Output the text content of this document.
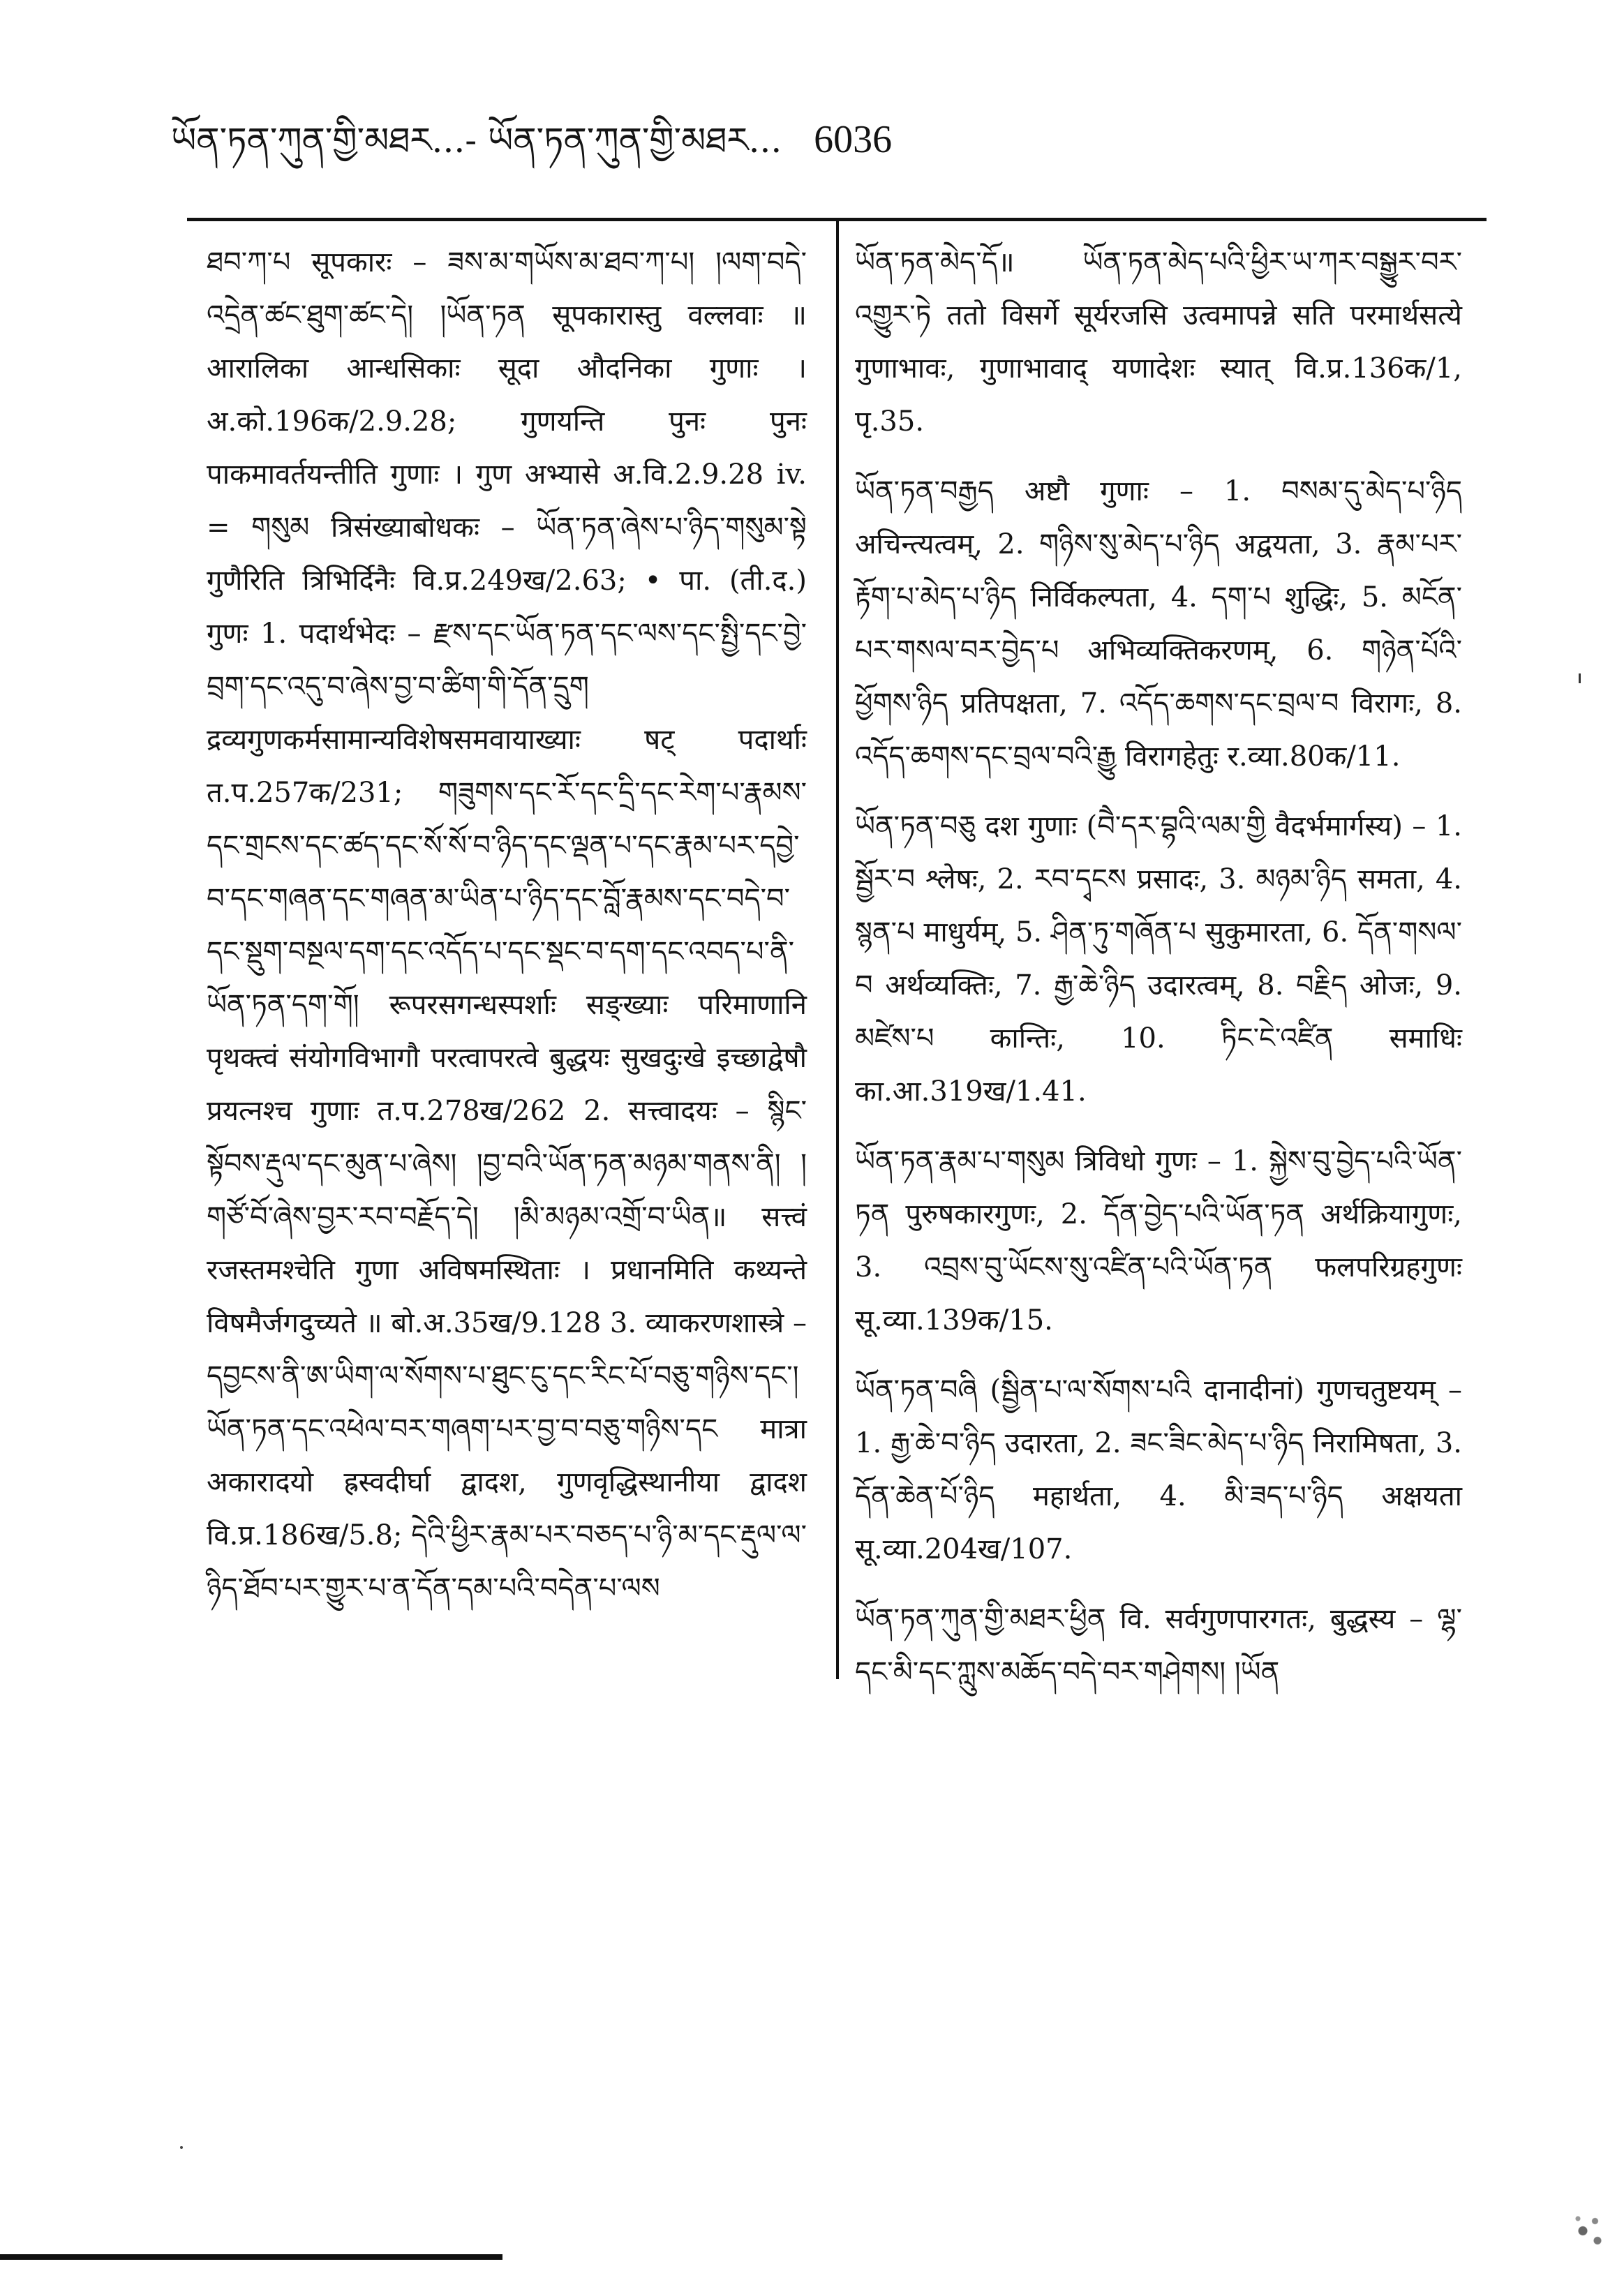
ཡོན་ཏན་ཀུན་གྱི་མཐར...- ཡོན་ཏན་ཀུན་གྱི་མཐར... 6036

ཐབ་ཀ་པ सूपकारः – ཟས་མ་གཡོས་མ་ཐབ་ཀ་པ། །ལག་བདེ་འདྲེན་ཚང་ཐུག་ཚང་དེ། །ཡོན་ཏན सूपकारास्तु वल्लवाः ॥ आरालिका आन्धसिकाः सूदा औदनिका गुणाः । अ.को.196क/2.9.28; गुणयन्ति पुनः पुनः पाकमावर्तयन्तीति गुणाः । गुण अभ्यासे अ.वि.2.9.28 iv. = གསུམ त्रिसंख्याबोधकः – ཡོན་ཏན་ཞེས་པ་ཉིད་གསུམ་སྟེ गुणैरिति त्रिभिर्दिनैः वि.प्र.249ख/2.63; • पा. (ती.द.) गुणः 1. पदार्थभेदः – རྫས་དང་ཡོན་ཏན་དང་ལས་དང་སྤྱི་དང་བྱེ་བྲག་དང་འདུ་བ་ཞེས་བྱ་བ་ཚིག་གི་དོན་དྲུག द्रव्यगुणकर्मसामान्यविशेषसमवायाख्याः षट् पदार्थाः त.प.257क/231; གཟུགས་དང་རོ་དང་དྲི་དང་རེག་པ་རྣམས་དང་གྲངས་དང་ཚད་དང་སོ་སོ་བ་ཉིད་དང་ལྡན་པ་དང་རྣམ་པར་དབྱེ་བ་དང་གཞན་དང་གཞན་མ་ཡིན་པ་ཉིད་དང་བློ་རྣམས་དང་བདེ་བ་དང་སྡུག་བསྔལ་དག་དང་འདོད་པ་དང་སྡང་བ་དག་དང་འབད་པ་ནི་ཡོན་ཏན་དག་གོ། रूपरसगन्धस्पर्शाः सङ्ख्याः परिमाणानि पृथक्त्वं संयोगविभागौ परत्वापरत्वे बुद्धयः सुखदुःखे इच्छाद्वेषौ प्रयत्नश्च गुणाः त.प.278ख/262 2. सत्त्वादयः – སྙིང་སྟོབས་རྡུལ་དང་མུན་པ་ཞེས། །བྱ་བའི་ཡོན་ཏན་མཉམ་གནས་ནི། །གཙོ་བོ་ཞེས་བྱར་རབ་བརྗོད་དེ། །མི་མཉམ་འགྲོ་བ་ཡིན॥ सत्त्वं रजस्तमश्चेति गुणा अविषमस्थिताः । प्रधानमिति कथ्यन्ते विषमैर्जगदुच्यते ॥ बो.अ.35ख/9.128 3. व्याकरणशास्त्रे – དབྱངས་ནི་ཨ་ཡིག་ལ་སོགས་པ་ཐུང་ངུ་དང་རིང་པོ་བཅུ་གཉིས་དང་། ཡོན་ཏན་དང་འཕེལ་བར་གཞག་པར་བྱ་བ་བཅུ་གཉིས་དང मात्रा अकारादयो ह्रस्वदीर्घा द्वादश, गुणवृद्धिस्थानीया द्वादश वि.प्र.186ख/5.8; དེའི་ཕྱིར་རྣམ་པར་བཅད་པ་ཉི་མ་དང་རྡུལ་ལ་ཉིད་ཐོབ་པར་གྱུར་པ་ན་དོན་དམ་པའི་བདེན་པ་ལས

ཡོན་ཏན་མེད་དོ॥ ཡོན་ཏན་མེད་པའི་ཕྱིར་ཡ་ཀར་བསྒྱུར་བར་འགྱུར་ཏེ ततो विसर्गे सूर्यरजसि उत्वमापन्ने सति परमार्थसत्ये गुणाभावः, गुणाभावाद् यणादेशः स्यात् वि.प्र.136क/1, पृ.35.

ཡོན་ཏན་བརྒྱད अष्टौ गुणाः – 1. བསམ་དུ་མེད་པ་ཉིད अचिन्त्यत्वम्, 2. གཉིས་སུ་མེད་པ་ཉིད अद्वयता, 3. རྣམ་པར་རྟོག་པ་མེད་པ་ཉིད निर्विकल्पता, 4. དག་པ शुद्धिः, 5. མངོན་པར་གསལ་བར་བྱེད་པ अभिव्यक्तिकरणम्, 6. གཉེན་པོའི་ཕྱོགས་ཉིད प्रतिपक्षता, 7. འདོད་ཆགས་དང་བྲལ་བ विरागः, 8. འདོད་ཆགས་དང་བྲལ་བའི་རྒྱུ विरागहेतुः र.व्या.80क/11.

ཡོན་ཏན་བཅུ दश गुणाः (བཻ་དར་བྷའི་ལམ་གྱི वैदर्भमार्गस्य) – 1. སྦྱོར་བ श्लेषः, 2. རབ་དྭངས प्रसादः, 3. མཉམ་ཉིད समता, 4. སྙན་པ माधुर्यम्, 5. ཤིན་ཏུ་གཞོན་པ सुकुमारता, 6. དོན་གསལ་བ अर्थव्यक्तिः, 7. རྒྱ་ཆེ་ཉིད उदारत्वम्, 8. བརྗིད ओजः, 9. མཛེས་པ कान्तिः, 10. ཏིང་ངེ་འཛིན समाधिः का.आ.319ख/1.41.

ཡོན་ཏན་རྣམ་པ་གསུམ त्रिविधो गुणः – 1. སྐྱེས་བུ་བྱེད་པའི་ཡོན་ཏན पुरुषकारगुणः, 2. དོན་བྱེད་པའི་ཡོན་ཏན अर्थक्रियागुणः, 3. འབྲས་བུ་ཡོངས་སུ་འཛིན་པའི་ཡོན་ཏན फलपरिग्रहगुणः सू.व्या.139क/15.

ཡོན་ཏན་བཞི (སྦྱིན་པ་ལ་སོགས་པའི दानादीनां) गुणचतुष्टयम् – 1. རྒྱ་ཆེ་བ་ཉིད उदारता, 2. ཟང་ཟིང་མེད་པ་ཉིད निरामिषता, 3. དོན་ཆེན་པོ་ཉིད महार्थता, 4. མི་ཟད་པ་ཉིད अक्षयता सू.व्या.204ख/107.

ཡོན་ཏན་ཀུན་གྱི་མཐར་ཕྱིན वि. सर्वगुणपारगतः, बुद्धस्य – ལྷ་དང་མི་དང་ཀླུས་མཆོད་བདེ་བར་གཤེགས། །ཡོན
